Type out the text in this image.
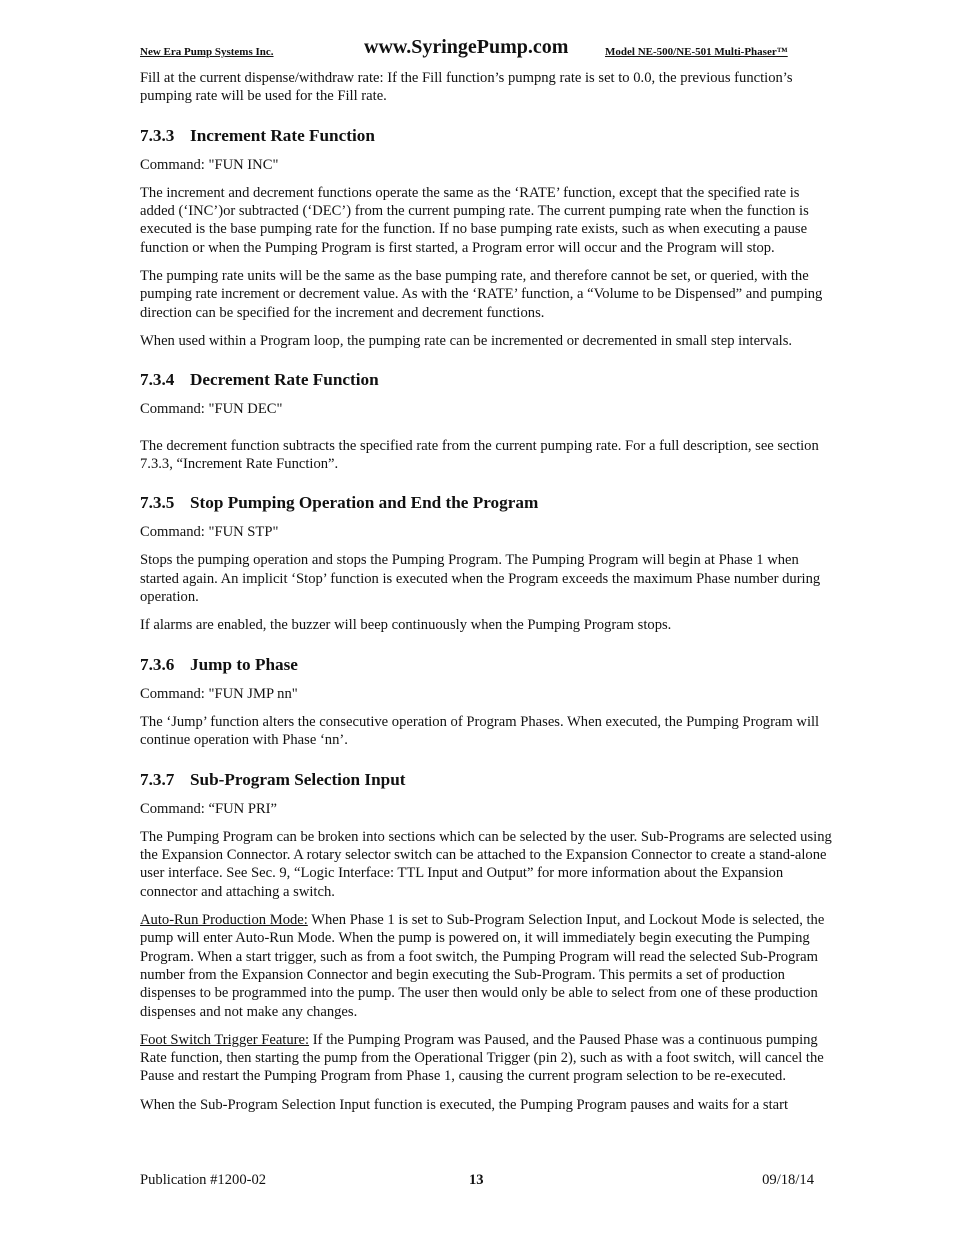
New Era Pump Systems Inc.	www.SyringePump.com	Model NE-500/NE-501 Multi-Phaser™

Fill at the current dispense/withdraw rate: If the Fill function’s pumpng rate is set to 0.0, the previous function’s pumping rate will be used for the Fill rate.

7.3.3 Increment Rate Function

Command: "FUN INC"

The increment and decrement functions operate the same as the ‘RATE’ function, except that the specified rate is added (‘INC’)or subtracted (‘DEC’) from the current pumping rate. The current pumping rate when the function is executed is the base pumping rate for the function. If no base pumping rate exists, such as when executing a pause function or when the Pumping Program is first started, a Program error will occur and the Program will stop.

The pumping rate units will be the same as the base pumping rate, and therefore cannot be set, or queried, with the pumping rate increment or decrement value. As with the ‘RATE’ function, a “Volume to be Dispensed” and pumping direction can be specified for the increment and decrement functions.

When used within a Program loop, the pumping rate can be incremented or decremented in small step intervals.

7.3.4 Decrement Rate Function

Command: "FUN DEC"

The decrement function subtracts the specified rate from the current pumping rate. For a full description, see section 7.3.3, “Increment Rate Function”.

7.3.5 Stop Pumping Operation and End the Program

Command: "FUN STP"

Stops the pumping operation and stops the Pumping Program. The Pumping Program will begin at Phase 1 when started again. An implicit ‘Stop’ function is executed when the Program exceeds the maximum Phase number during operation.

If alarms are enabled, the buzzer will beep continuously when the Pumping Program stops.

7.3.6 Jump to Phase

Command: "FUN JMP nn"

The ‘Jump’ function alters the consecutive operation of Program Phases. When executed, the Pumping Program will continue operation with Phase ‘nn’.

7.3.7 Sub-Program Selection Input

Command: “FUN PRI”

The Pumping Program can be broken into sections which can be selected by the user. Sub-Programs are selected using the Expansion Connector. A rotary selector switch can be attached to the Expansion Connector to create a stand-alone user interface. See Sec. 9, “Logic Interface: TTL Input and Output” for more information about the Expansion connector and attaching a switch.

Auto-Run Production Mode: When Phase 1 is set to Sub-Program Selection Input, and Lockout Mode is selected, the pump will enter Auto-Run Mode. When the pump is powered on, it will immediately begin executing the Pumping Program. When a start trigger, such as from a foot switch, the Pumping Program will read the selected Sub-Program number from the Expansion Connector and begin executing the Sub-Program. This permits a set of production dispenses to be programmed into the pump. The user then would only be able to select from one of these production dispenses and not make any changes.

Foot Switch Trigger Feature: If the Pumping Program was Paused, and the Paused Phase was a continuous pumping Rate function, then starting the pump from the Operational Trigger (pin 2), such as with a foot switch, will cancel the Pause and restart the Pumping Program from Phase 1, causing the current program selection to be re-executed.

When the Sub-Program Selection Input function is executed, the Pumping Program pauses and waits for a start

Publication #1200-02	13	09/18/14
